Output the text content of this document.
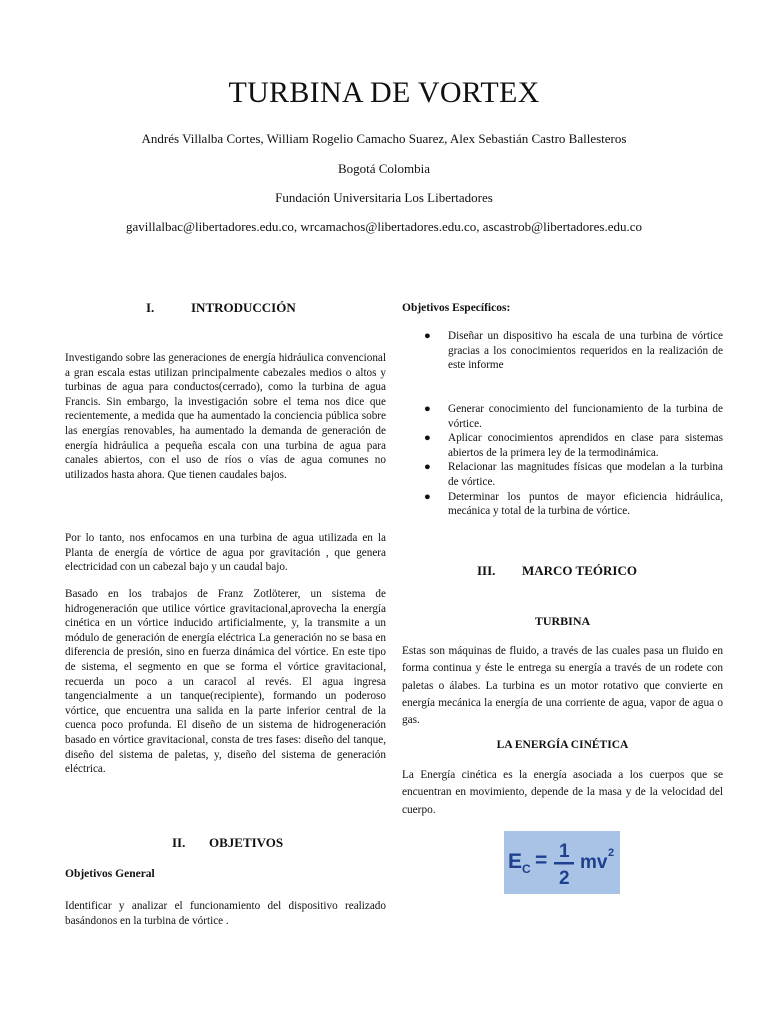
TURBINA DE VORTEX
Andrés Villalba Cortes, William Rogelio Camacho Suarez, Alex Sebastián Castro Ballesteros
Bogotá Colombia
Fundación Universitaria Los Libertadores
gavillalbac@libertadores.edu.co, wrcamachos@libertadores.edu.co, ascastrob@libertadores.edu.co
I.	INTRODUCCIÓN

Investigando sobre las generaciones de energía hidráulica convencional a gran escala estas utilizan principalmente cabezales medios o altos y turbinas de agua para conductos(cerrado), como la turbina de agua Francis. Sin embargo, la investigación sobre el tema nos dice que recientemente, a medida que ha aumentado la conciencia pública sobre las energías renovables, ha aumentado la demanda de generación de energía hidráulica a pequeña escala con una turbina de agua para canales abiertos, con el uso de ríos o vías de agua comunes no utilizados hasta ahora. Que tienen caudales bajos.

Por lo tanto, nos enfocamos en una turbina de agua utilizada en la Planta de energía de vórtice de agua por gravitación , que genera electricidad con un cabezal bajo y un caudal bajo.

Basado en los trabajos de Franz Zotlöterer, un sistema de hidrogeneración que utilice vórtice gravitacional,aprovecha la energía cinética en un vórtice inducido artificialmente, y, la transmite a un módulo de generación de energía eléctrica La generación no se basa en diferencia de presión, sino en fuerza dinámica del vórtice. En este tipo de sistema, el segmento en que se forma el vórtice gravitacional, recuerda un poco a un caracol al revés. El agua ingresa tangencialmente a un tanque(recipiente), formando un poderoso vórtice, que encuentra una salida en la parte inferior central de la cuenca poco profunda. El diseño de un sistema de hidrogeneración basado en vórtice gravitacional, consta de tres fases: diseño del tanque, diseño del sistema de paletas, y, diseño del sistema de generación eléctrica.

II. OBJETIVOS
Objetivos General
Identificar y analizar el funcionamiento del dispositivo realizado basándonos en la turbina de vórtice .
Objetivos Específicos:
● Diseñar un dispositivo ha escala de una turbina de vórtice gracias a los conocimientos requeridos en la realización de este informe
● Generar conocimiento del funcionamiento de la turbina de vórtice.
● Aplicar conocimientos aprendidos en clase para sistemas abiertos de la primera ley de la termodinámica.
● Relacionar las magnitudes físicas que modelan a la turbina de vórtice.
● Determinar los puntos de mayor eficiencia hidráulica, mecánica y total de la turbina de vórtice.
III. MARCO TEÓRICO
TURBINA
Estas son máquinas de fluido, a través de las cuales pasa un fluido en forma continua y éste le entrega su energía a través de un rodete con paletas o álabes. La turbina es un motor rotativo que convierte en energía mecánica la energía de una corriente de agua, vapor de agua o gas.
LA ENERGÍA CINÉTICA
La Energía cinética es la energía asociada a los cuerpos que se encuentran en movimiento, depende de la masa y de la velocidad del cuerpo.
E C = 1
2
mv 2
